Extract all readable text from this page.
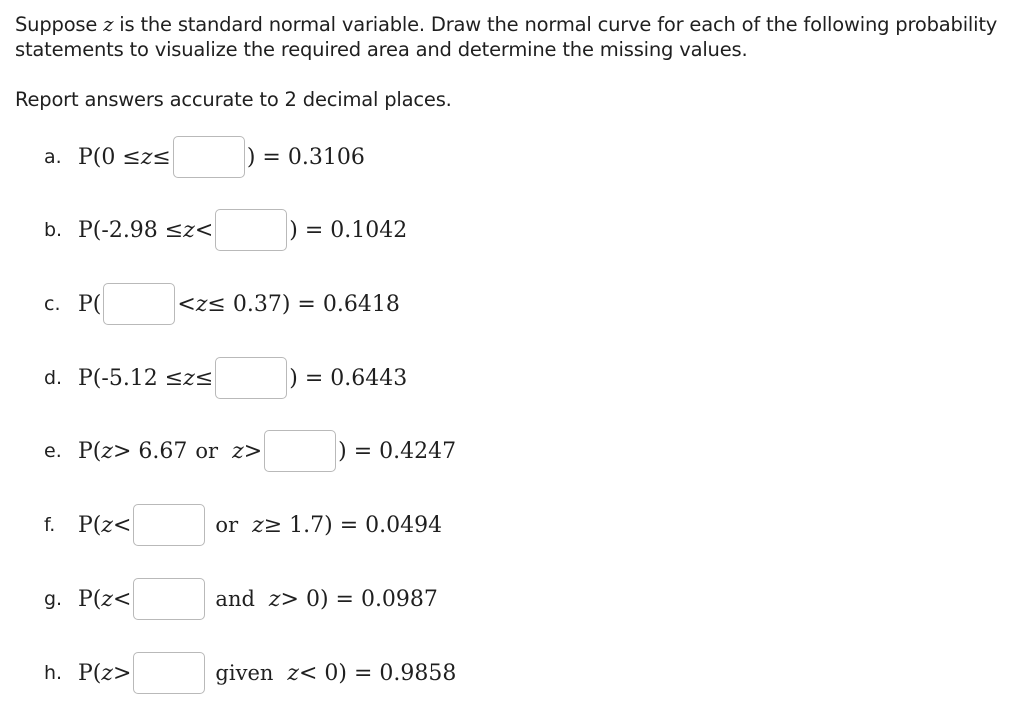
Suppose z is the standard normal variable. Draw the normal curve for each of the following probability statements to visualize the required area and determine the missing values.
Report answers accurate to 2 decimal places.
a. P(0 ≤ z ≤	) = 0.3106
b. P(-2.98 ≤ z <	) = 0.1042
c. P(	< z ≤ 0.37) = 0.6418
d. P(-5.12 ≤ z ≤	) = 0.6443
e. P( z > 6.67 or z >	) = 0.4247
f.	P( z <	or z ≥ 1.7) = 0.0494
g. P( z <	and z > 0) = 0.0987
h. P( z >	given z < 0) = 0.9858
